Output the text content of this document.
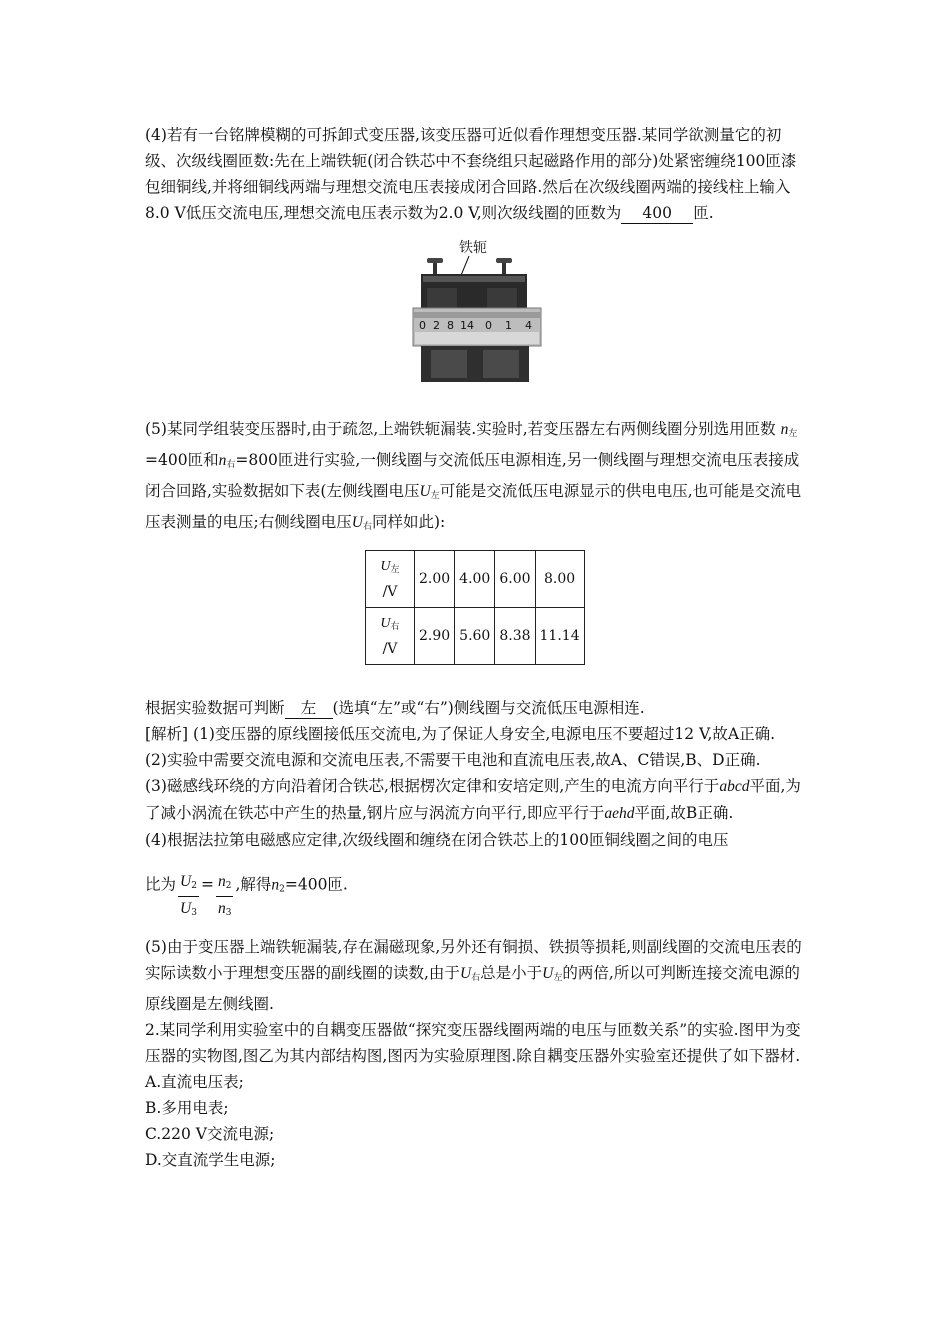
(4)若有一台铭牌模糊的可拆卸式变压器,该变压器可近似看作理想变压器.某同学欲测量它的初级、次级线圈匝数:先在上端铁轭(闭合铁芯中不套绕组只起磁路作用的部分)处紧密缠绕100匝漆包细铜线,并将细铜线两端与理想交流电压表接成闭合回路.然后在次级线圈两端的接线柱上输入8.0 V低压交流电压,理想交流电压表示数为2.0 V,则次级线圈的匝数为 400 匝.

铁轭
0 2 8 14 0 1 4

(5)某同学组装变压器时,由于疏忽,上端铁轭漏装.实验时,若变压器左右两侧线圈分别选用匝数 $n_左=400$匝和$n_右=800$匝进行实验,一侧线圈与交流低压电源相连,另一侧线圈与理想交流电压表接成闭合回路,实验数据如下表(左侧线圈电压$U_左$可能是交流低压电源显示的供电电压,也可能是交流电压表测量的电压;右侧线圈电压$U_右$同样如此):

$U_左$
/V	2.00	4.00	6.00	8.00
$U_右$
/V	2.90	5.60	8.38	11.14

根据实验数据可判断 左 (选填“左”或“右”)侧线圈与交流低压电源相连.

[解析] (1)变压器的原线圈接低压交流电,为了保证人身安全,电源电压不要超过12 V,故A正确.

(2)实验中需要交流电源和交流电压表,不需要干电池和直流电压表,故A、C错误,B、D正确.

(3)磁感线环绕的方向沿着闭合铁芯,根据楞次定律和安培定则,产生的电流方向平行于abcd平面,为了减小涡流在铁芯中产生的热量,钢片应与涡流方向平行,即应平行于aehd平面,故B正确.

(4)根据法拉第电磁感应定律,次级线圈和缠绕在闭合铁芯上的100匝铜线圈之间的电压

比为 $\frac{U_2}{U_3} = \frac{n_2}{n_3}$ ,解得$n_2=400$匝.

(5)由于变压器上端铁轭漏装,存在漏磁现象,另外还有铜损、铁损等损耗,则副线圈的交流电压表的实际读数小于理想变压器的副线圈的读数,由于$U_右$总是小于$U_左$的两倍,所以可判断连接交流电源的原线圈是左侧线圈.

2.某同学利用实验室中的自耦变压器做“探究变压器线圈两端的电压与匝数关系”的实验.图甲为变压器的实物图,图乙为其内部结构图,图丙为实验原理图.除自耦变压器外实验室还提供了如下器材.

A.直流电压表;

B.多用电表;

C.220 V交流电源;

D.交直流学生电源;
